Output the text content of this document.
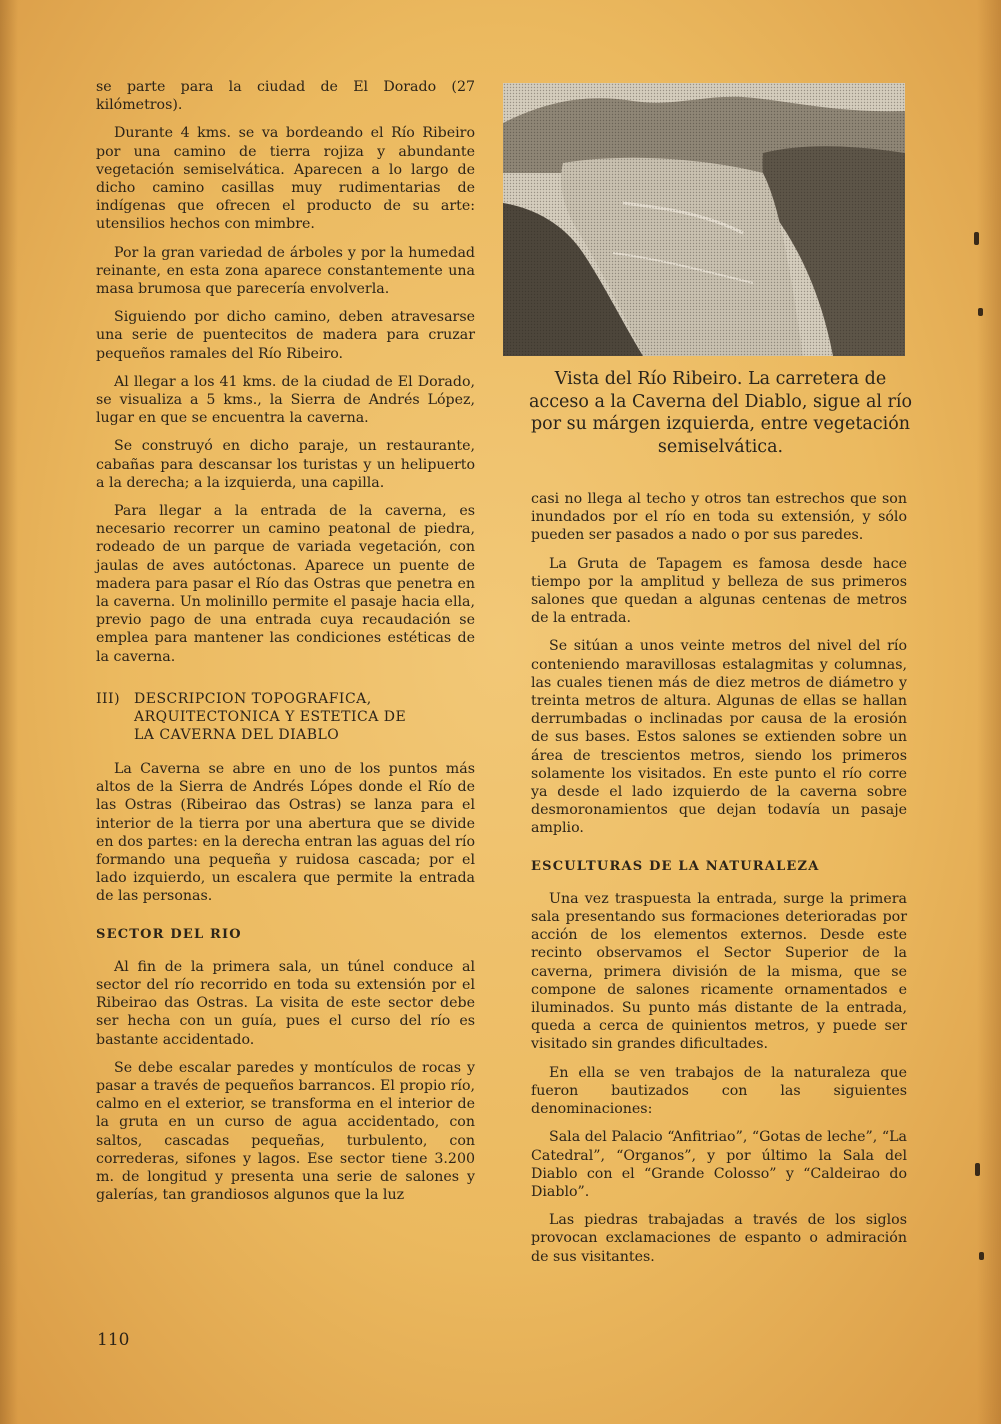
se parte para la ciudad de El Dorado (27 kilómetros).

Durante 4 kms. se va bordeando el Río Ribeiro por una camino de tierra rojiza y abundante vegetación semiselvática. Aparecen a lo largo de dicho camino casillas muy rudimentarias de indígenas que ofrecen el producto de su arte: utensilios hechos con mimbre.

Por la gran variedad de árboles y por la humedad reinante, en esta zona aparece constantemente una masa brumosa que parecería envolverla.

Siguiendo por dicho camino, deben atravesarse una serie de puentecitos de madera para cruzar pequeños ramales del Río Ribeiro.

Al llegar a los 41 kms. de la ciudad de El Dorado, se visualiza a 5 kms., la Sierra de Andrés López, lugar en que se encuentra la caverna.

Se construyó en dicho paraje, un restaurante, cabañas para descansar los turistas y un helipuerto a la derecha; a la izquierda, una capilla.

Para llegar a la entrada de la caverna, es necesario recorrer un camino peatonal de piedra, rodeado de un parque de variada vegetación, con jaulas de aves autóctonas. Aparece un puente de madera para pasar el Río das Ostras que penetra en la caverna. Un molinillo permite el pasaje hacia ella, previo pago de una entrada cuya recaudación se emplea para mantener las condiciones estéticas de la caverna.

III) DESCRIPCION TOPOGRAFICA,
ARQUITECTONICA Y ESTETICA DE
LA CAVERNA DEL DIABLO

La Caverna se abre en uno de los puntos más altos de la Sierra de Andrés Lópes donde el Río de las Ostras (Ribeirao das Ostras) se lanza para el interior de la tierra por una abertura que se divide en dos partes: en la derecha entran las aguas del río formando una pequeña y ruidosa cascada; por el lado izquierdo, un escalera que permite la entrada de las personas.

SECTOR DEL RIO

Al fin de la primera sala, un túnel conduce al sector del río recorrido en toda su extensión por el Ribeirao das Ostras. La visita de este sector debe ser hecha con un guía, pues el curso del río es bastante accidentado.

Se debe escalar paredes y montículos de rocas y pasar a través de pequeños barrancos. El propio río, calmo en el exterior, se transforma en el interior de la gruta en un curso de agua accidentado, con saltos, cascadas pequeñas, turbulento, con correderas, sifones y lagos. Ese sector tiene 3.200 m. de longitud y presenta una serie de salones y galerías, tan grandiosos algunos que la luz

Vista del Río Ribeiro. La carretera de acceso a la Caverna del Diablo, sigue al río por su márgen izquierda, entre vegetación semiselvática.

casi no llega al techo y otros tan estrechos que son inundados por el río en toda su extensión, y sólo pueden ser pasados a nado o por sus paredes.

La Gruta de Tapagem es famosa desde hace tiempo por la amplitud y belleza de sus primeros salones que quedan a algunas centenas de metros de la entrada.

Se sitúan a unos veinte metros del nivel del río conteniendo maravillosas estalagmitas y columnas, las cuales tienen más de diez metros de diámetro y treinta metros de altura. Algunas de ellas se hallan derrumbadas o inclinadas por causa de la erosión de sus bases. Estos salones se extienden sobre un área de trescientos metros, siendo los primeros solamente los visitados. En este punto el río corre ya desde el lado izquierdo de la caverna sobre desmoronamientos que dejan todavía un pasaje amplio.

ESCULTURAS DE LA NATURALEZA

Una vez traspuesta la entrada, surge la primera sala presentando sus formaciones deterioradas por acción de los elementos externos. Desde este recinto observamos el Sector Superior de la caverna, primera división de la misma, que se compone de salones ricamente ornamentados e iluminados. Su punto más distante de la entrada, queda a cerca de quinientos metros, y puede ser visitado sin grandes dificultades.

En ella se ven trabajos de la naturaleza que fueron bautizados con las siguientes denominaciones:

Sala del Palacio “Anfitriao”, “Gotas de leche”, “La Catedral”, “Organos”, y por último la Sala del Diablo con el “Grande Colosso” y “Caldeirao do Diablo”.

Las piedras trabajadas a través de los siglos provocan exclamaciones de espanto o admiración de sus visitantes.

110
